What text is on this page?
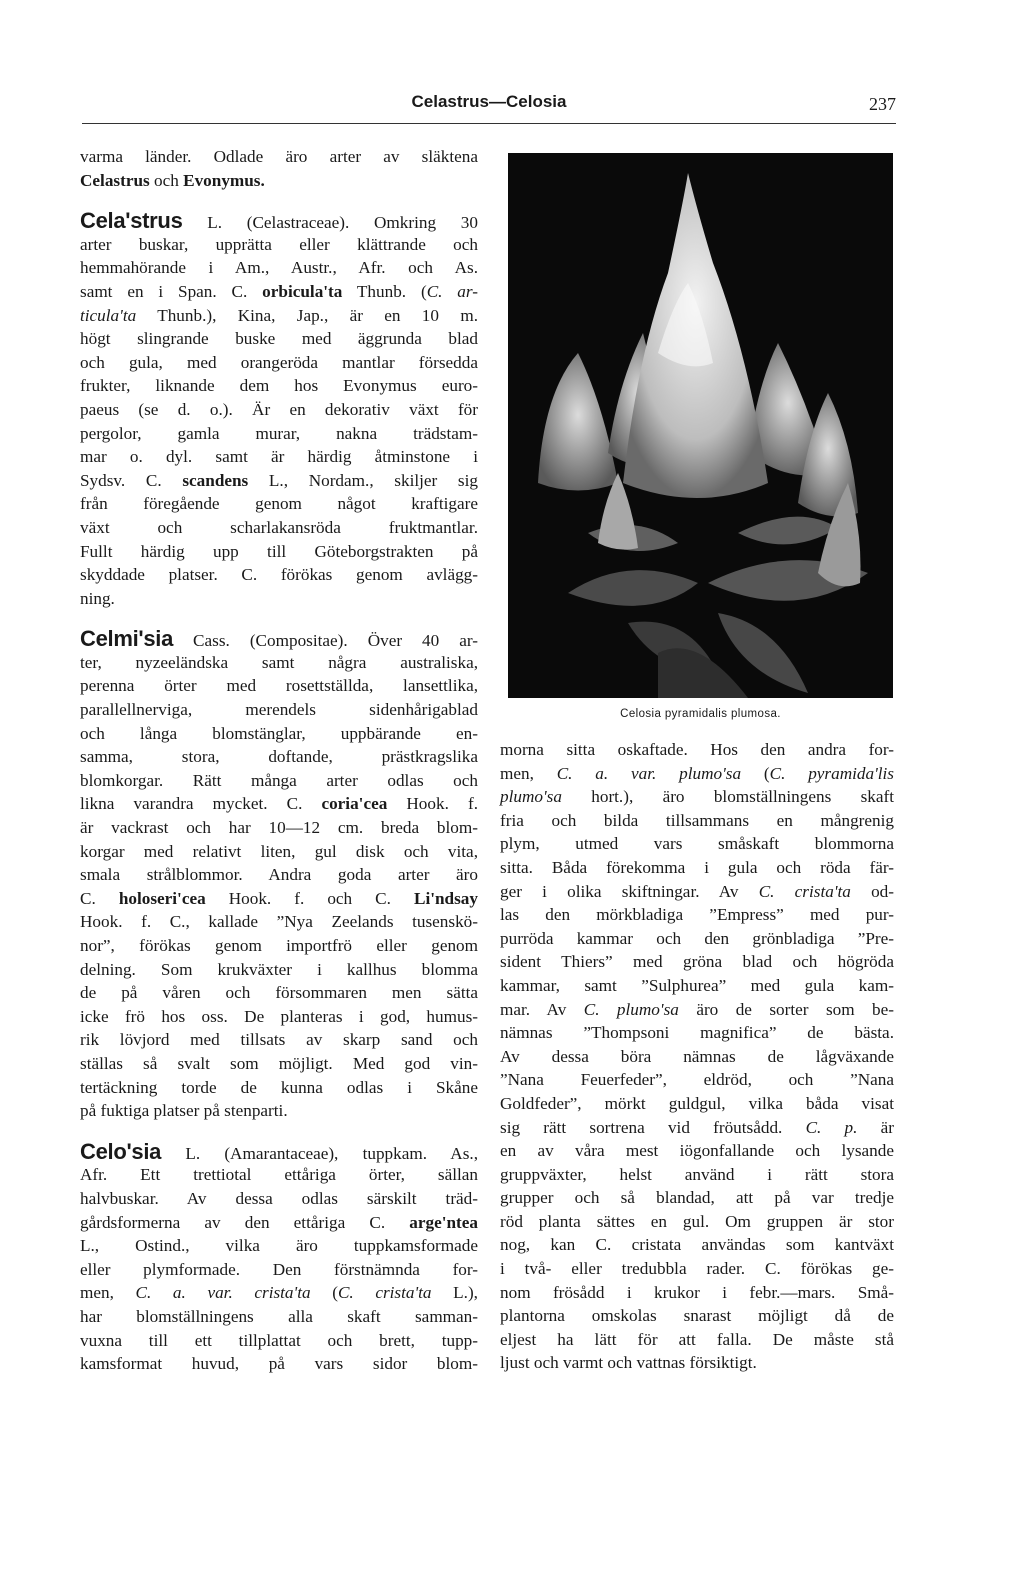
Celastrus—Celosia	237
varma länder. Odlade äro arter av släktena
Celastrus och Evonymus.
Cela'strus L. (Celastraceae). Omkring 30
arter buskar, upprätta eller klättrande och
hemmahörande i Am., Austr., Afr. och As.
samt en i Span. C. orbicula'ta Thunb. (C. ar-
ticula'ta Thunb.), Kina, Jap., är en 10 m.
högt slingrande buske med äggrunda blad
och gula, med orangeröda mantlar försedda
frukter, liknande dem hos Evonymus euro-
paeus (se d. o.). Är en dekorativ växt för
pergolor, gamla murar, nakna trädstam-
mar o. dyl. samt är härdig åtminstone i
Sydsv. C. scandens L., Nordam., skiljer sig
från föregående genom något kraftigare
växt och scharlakansröda fruktmantlar.
Fullt härdig upp till Göteborgstrakten på
skyddade platser. C. förökas genom avlägg-
ning.
Celmi'sia Cass. (Compositae). Över 40 ar-
ter, nyzeeländska samt några australiska,
perenna örter med rosettställda, lansettlika,
parallellnerviga, merendels sidenhårigablad
och långa blomstänglar, uppbärande en-
samma, stora, doftande, prästkragslika
blomkorgar. Rätt många arter odlas och
likna varandra mycket. C. coria'cea Hook. f.
är vackrast och har 10—12 cm. breda blom-
korgar med relativt liten, gul disk och vita,
smala strålblommor. Andra goda arter äro
C. holoseri'cea Hook. f. och C. Li'ndsay
Hook. f. C., kallade ”Nya Zeelands tusenskö-
nor”, förökas genom importfrö eller genom
delning. Som krukväxter i kallhus blomma
de på våren och försommaren men sätta
icke frö hos oss. De planteras i god, humus-
rik lövjord med tillsats av skarp sand och
ställas så svalt som möjligt. Med god vin-
tertäckning torde de kunna odlas i Skåne
på fuktiga platser på stenparti.
Celo'sia L. (Amarantaceae), tuppkam. As.,
Afr. Ett trettiotal ettåriga örter, sällan
halvbuskar. Av dessa odlas särskilt träd-
gårdsformerna av den ettåriga C. arge'ntea
L., Ostind., vilka äro tuppkamsformade
eller plymformade. Den förstnämnda for-
men, C. a. var. crista'ta (C. crista'ta L.),
har blomställningens alla skaft samman-
vuxna till ett tillplattat och brett, tupp-
kamsformat huvud, på vars sidor blom-
Celosia pyramidalis plumosa.
morna sitta oskaftade. Hos den andra for-
men, C. a. var. plumo'sa (C. pyramida'lis
plumo'sa hort.), äro blomställningens skaft
fria och bilda tillsammans en mångrenig
plym, utmed vars småskaft blommorna
sitta. Båda förekomma i gula och röda fär-
ger i olika skiftningar. Av C. crista'ta od-
las den mörkbladiga ”Empress” med pur-
purröda kammar och den grönbladiga ”Pre-
sident Thiers” med gröna blad och högröda
kammar, samt ”Sulphurea” med gula kam-
mar. Av C. plumo'sa äro de sorter som be-
nämnas ”Thompsoni magnifica” de bästa.
Av dessa böra nämnas de lågväxande
”Nana Feuerfeder”, eldröd, och ”Nana
Goldfeder”, mörkt guldgul, vilka båda visat
sig rätt sortrena vid fröutsådd. C. p. är
en av våra mest iögonfallande och lysande
gruppväxter, helst använd i rätt stora
grupper och så blandad, att på var tredje
röd planta sättes en gul. Om gruppen är stor
nog, kan C. cristata användas som kantväxt
i två- eller tredubbla rader. C. förökas ge-
nom frösådd i krukor i febr.—mars. Små-
plantorna omskolas snarast möjligt då de
eljest ha lätt för att falla. De måste stå
ljust och varmt och vattnas försiktigt.
